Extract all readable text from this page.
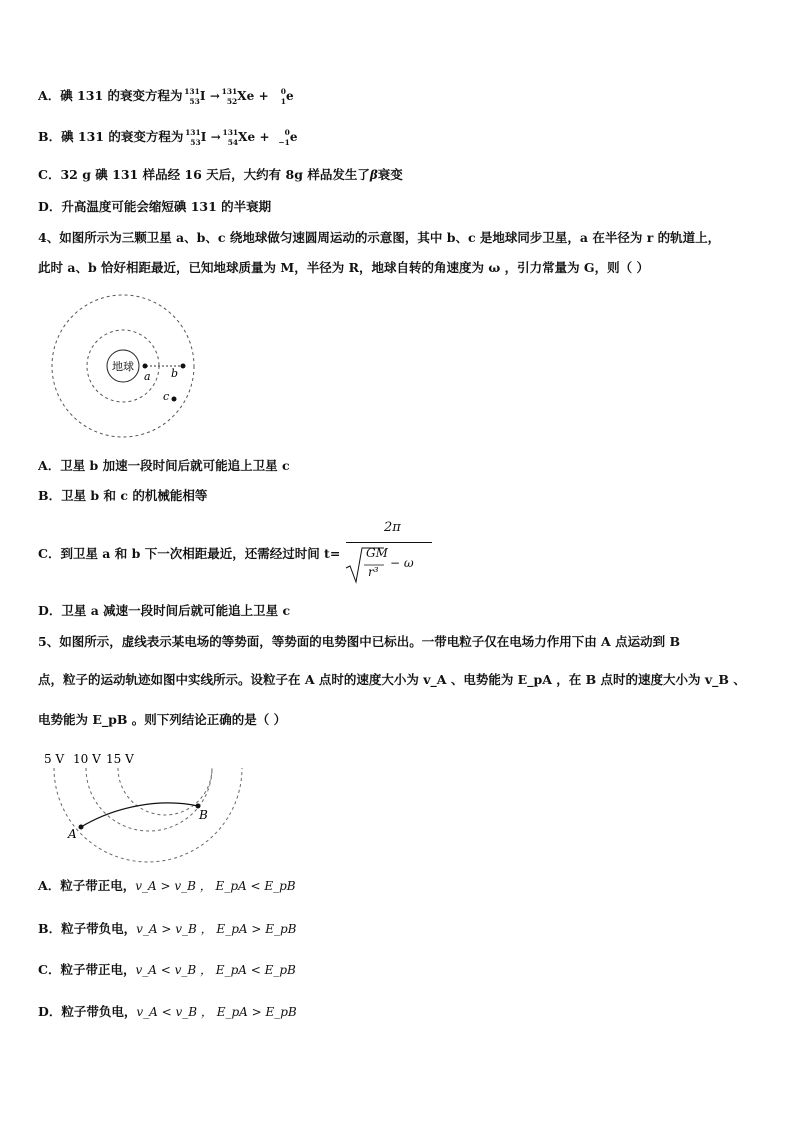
A．碘 131 的衰变方程为 131
53 I → 131
52 Xe + 0
1 e
B．碘 131 的衰变方程为 131
53 I → 131
54 Xe + 0
−1 e
C．32 g 碘 131 样品经 16 天后，大约有 8g 样品发生了β衰变
D．升高温度可能会缩短碘 131 的半衰期
4、如图所示为三颗卫星 a、b、c 绕地球做匀速圆周运动的示意图，其中 b、c 是地球同步卫星，a 在半径为 r 的轨道上，
此时 a、b 恰好相距最近，已知地球质量为 M，半径为 R，地球自转的角速度为 ω ，引力常量为 G，则（ ）
地球
a b
c
A．卫星 b 加速一段时间后就可能追上卫星 c
B．卫星 b 和 c 的机械能相等
C．到卫星 a 和 b 下一次相距最近，还需经过时间 t=
2π
GM
r³
− ω
D．卫星 a 减速一段时间后就可能追上卫星 c
5、如图所示，虚线表示某电场的等势面，等势面的电势图中已标出。一带电粒子仅在电场力作用下由 A 点运动到 B
点，粒子的运动轨迹如图中实线所示。设粒子在 A 点时的速度大小为 v_A 、电势能为 E_pA ，在 B 点时的速度大小为 v_B 、
电势能为 E_pB 。则下列结论正确的是（ ）
5 V 10 V 15 V
A
B
A．粒子带正电，v_A > v_B ， E_pA < E_pB
B．粒子带负电，v_A > v_B ， E_pA > E_pB
C．粒子带正电，v_A < v_B ， E_pA < E_pB
D．粒子带负电，v_A < v_B ， E_pA > E_pB
